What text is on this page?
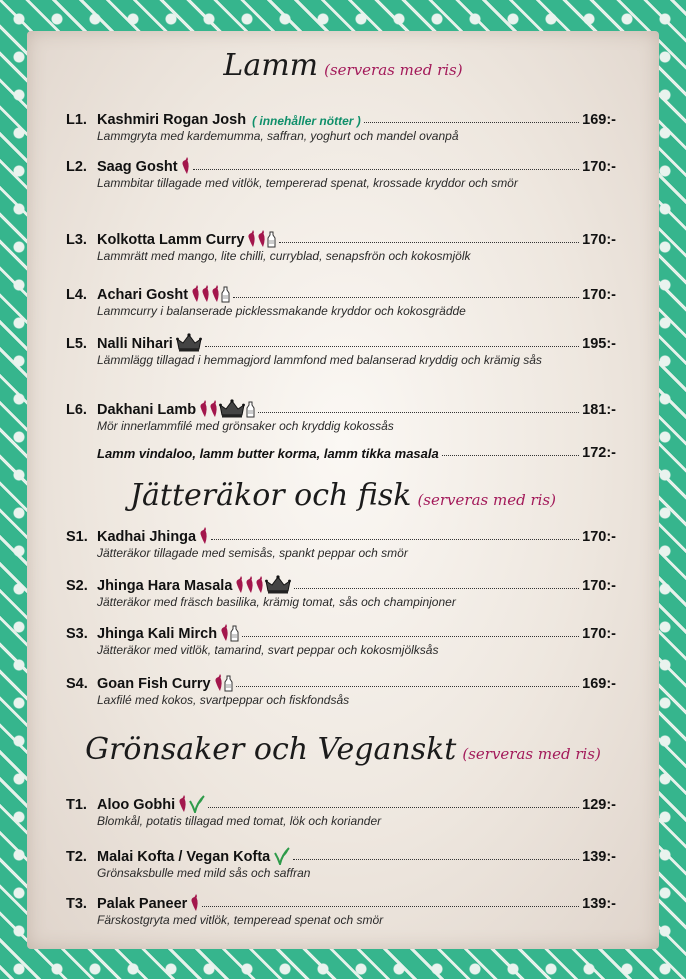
Lamm (serveras med ris)
L1. Kashmiri Rogan Josh ( innehåller nötter )	169:-
Lammgryta med kardemumma, saffran, yoghurt och mandel ovanpå
L2. Saag Gosht	170:-
Lammbitar tillagade med vitlök, tempererad spenat, krossade kryddor och smör
L3. Kolkotta Lamm Curry	170:-
Lammrätt med mango, lite chilli, curryblad, senapsfrön och kokosmjölk
L4. Achari Gosht	170:-
Lammcurry i balanserade picklessmakande kryddor och kokosgrädde
L5. Nalli Nihari	195:-
Lämmlägg tillagad i hemmagjord lammfond med balanserad kryddig och krämig sås
L6. Dakhani Lamb	181:-
Mör innerlammfilé med grönsaker och kryddig kokossås
Lamm vindaloo, lamm butter korma, lamm tikka masala	172:-
Jätteräkor och fisk (serveras med ris)
S1. Kadhai Jhinga	170:-
Jätteräkor tillagade med semisås, spankt peppar och smör
S2. Jhinga Hara Masala	170:-
Jätteräkor med fräsch basilika, krämig tomat, sås och champinjoner
S3. Jhinga Kali Mirch	170:-
Jätteräkor med vitlök, tamarind, svart peppar och kokosmjölksås
S4. Goan Fish Curry	169:-
Laxfilé med kokos, svartpeppar och fiskfondsås
Grönsaker och Veganskt (serveras med ris)
T1. Aloo Gobhi	129:-
Blomkål, potatis tillagad med tomat, lök och koriander
T2. Malai Kofta / Vegan Kofta	139:-
Grönsaksbulle med mild sås och saffran
T3. Palak Paneer	139:-
Färskostgryta med vitlök, temperead spenat och smör
